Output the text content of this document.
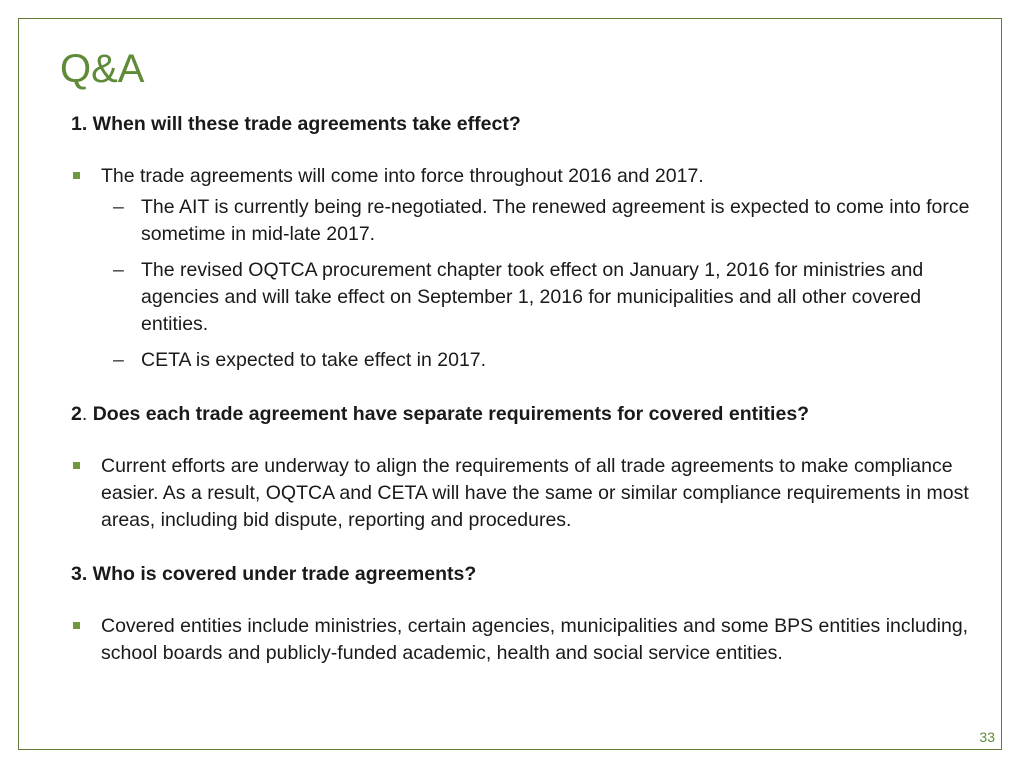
Q&A

1. When will these trade agreements take effect?

The trade agreements will come into force throughout 2016 and 2017.

– The AIT is currently being re-negotiated. The renewed agreement is expected to come into force sometime in mid-late 2017.

– The revised OQTCA procurement chapter took effect on January 1, 2016 for ministries and agencies and will take effect on September 1, 2016 for municipalities and all other covered entities.

– CETA is expected to take effect in 2017.

2. Does each trade agreement have separate requirements for covered entities?

Current efforts are underway to align the requirements of all trade agreements to make compliance easier. As a result, OQTCA and CETA will have the same or similar compliance requirements in most areas, including bid dispute, reporting and procedures.

3. Who is covered under trade agreements?

Covered entities include ministries, certain agencies, municipalities and some BPS entities including, school boards and publicly-funded academic, health and social service entities.

33
